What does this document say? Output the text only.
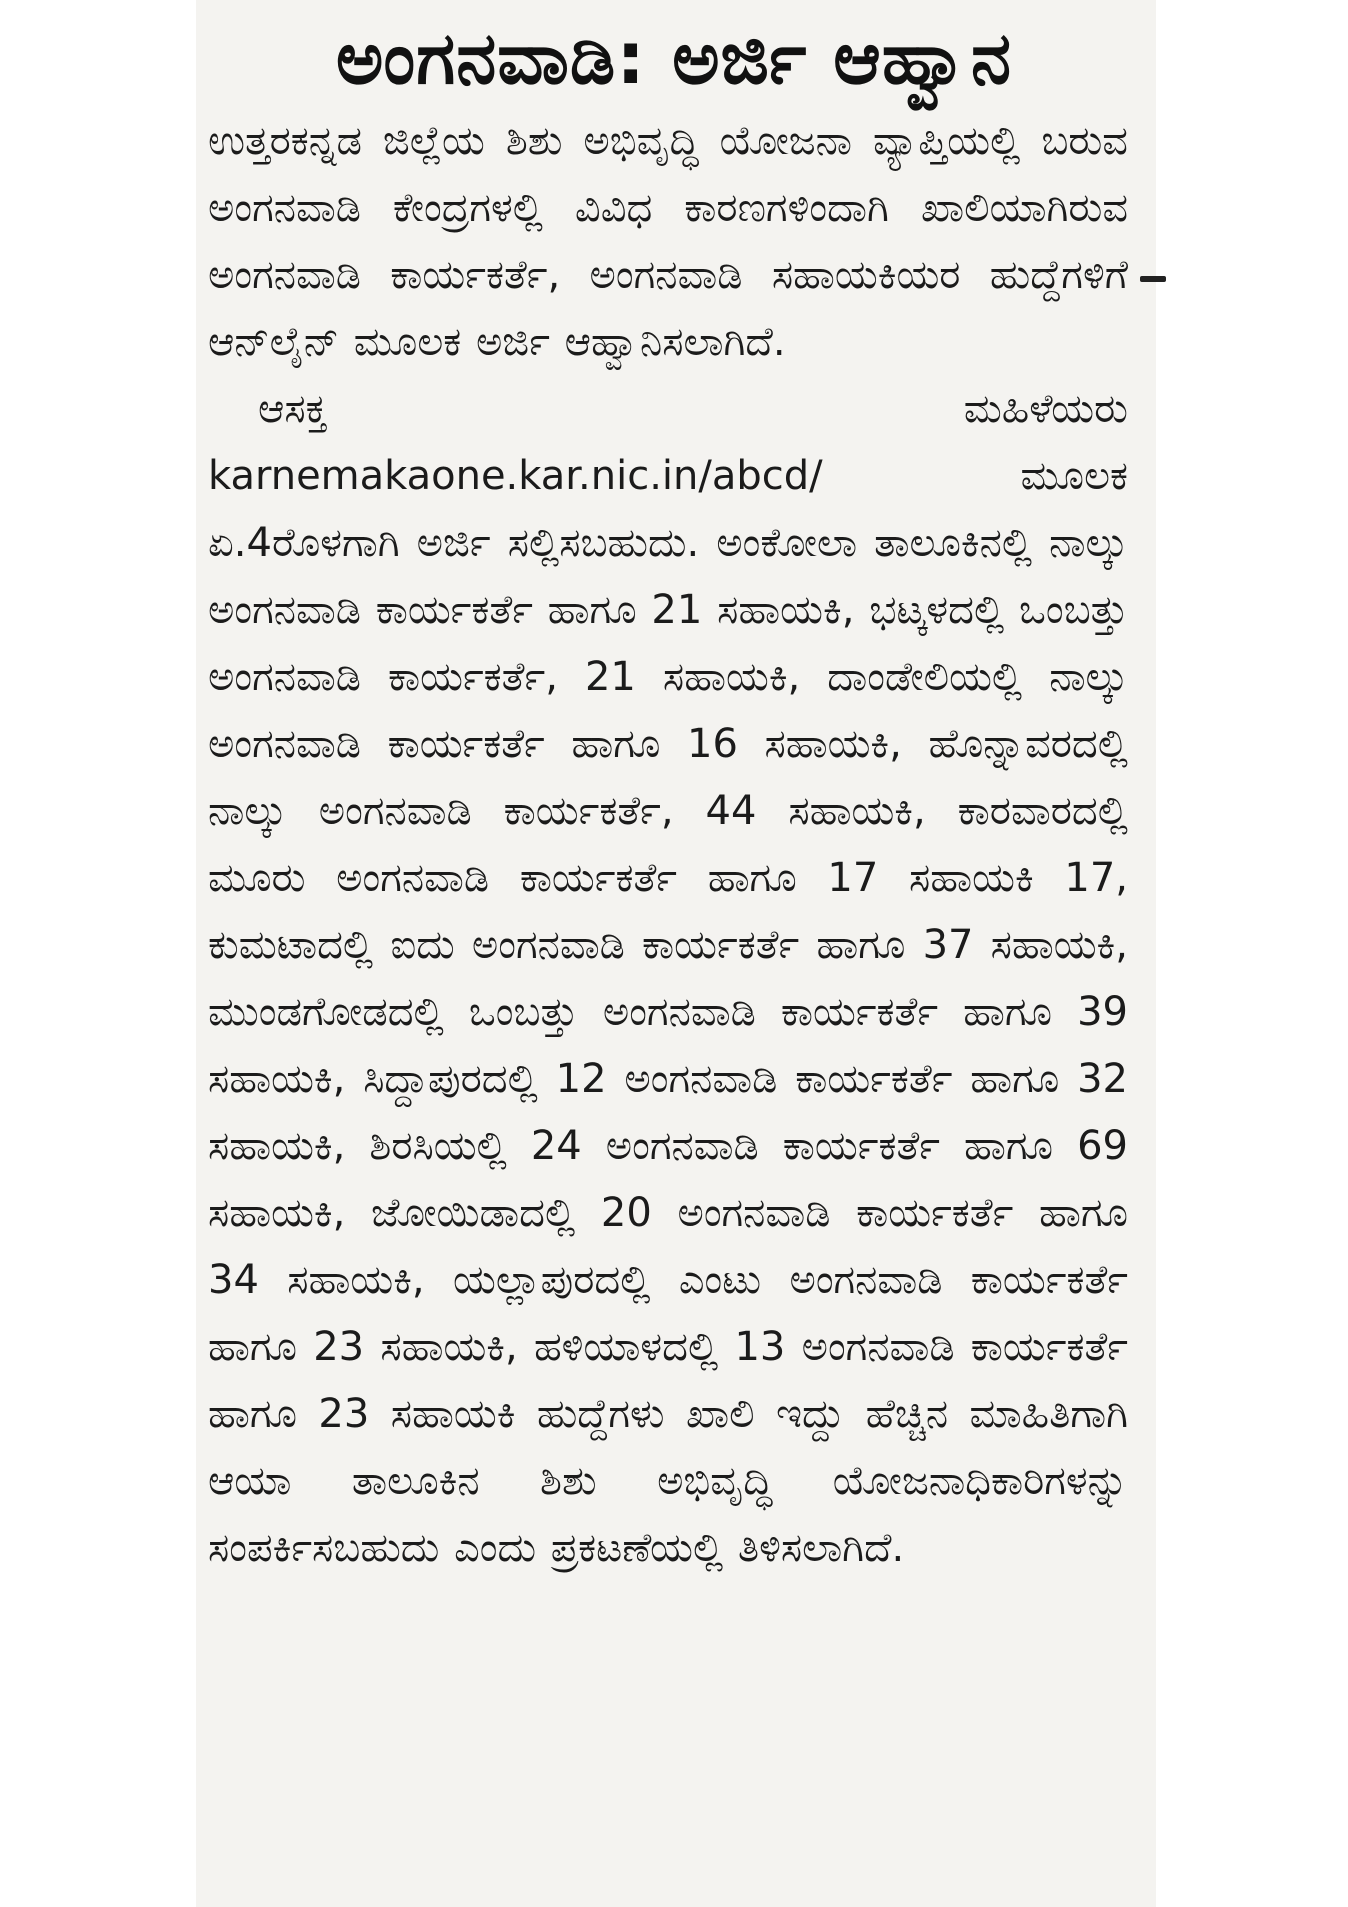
ಅಂಗನವಾಡಿ: ಅರ್ಜಿ ಆಹ್ವಾನ

ಉತ್ತರಕನ್ನಡ ಜಿಲ್ಲೆಯ ಶಿಶು ಅಭಿವೃದ್ಧಿ ಯೋಜನಾ ವ್ಯಾಪ್ತಿಯಲ್ಲಿ ಬರುವ ಅಂಗನವಾಡಿ ಕೇಂದ್ರಗಳಲ್ಲಿ ವಿವಿಧ ಕಾರಣಗಳಿಂದಾಗಿ ಖಾಲಿಯಾಗಿರುವ ಅಂಗನವಾಡಿ ಕಾರ್ಯಕರ್ತೆ, ಅಂಗನವಾಡಿ ಸಹಾಯಕಿಯರ ಹುದ್ದೆಗಳಿಗೆ ಆನ್‌ಲೈನ್ ಮೂಲಕ ಅರ್ಜಿ ಆಹ್ವಾನಿಸಲಾಗಿದೆ.

ಆಸಕ್ತ ಮಹಿಳೆಯರು karnemakaone.kar.nic.in/abcd/ ಮೂಲಕ ಏ.4ರೊಳಗಾಗಿ ಅರ್ಜಿ ಸಲ್ಲಿಸಬಹುದು. ಅಂಕೋಲಾ ತಾಲೂಕಿನಲ್ಲಿ ನಾಲ್ಕು ಅಂಗನವಾಡಿ ಕಾರ್ಯಕರ್ತೆ ಹಾಗೂ 21 ಸಹಾಯಕಿ, ಭಟ್ಕಳದಲ್ಲಿ ಒಂಬತ್ತು ಅಂಗನವಾಡಿ ಕಾರ್ಯಕರ್ತೆ, 21 ಸಹಾಯಕಿ, ದಾಂಡೇಲಿಯಲ್ಲಿ ನಾಲ್ಕು ಅಂಗನವಾಡಿ ಕಾರ್ಯಕರ್ತೆ ಹಾಗೂ 16 ಸಹಾಯಕಿ, ಹೊನ್ನಾವರದಲ್ಲಿ ನಾಲ್ಕು ಅಂಗನವಾಡಿ ಕಾರ್ಯಕರ್ತೆ, 44 ಸಹಾಯಕಿ, ಕಾರವಾರದಲ್ಲಿ ಮೂರು ಅಂಗನವಾಡಿ ಕಾರ್ಯಕರ್ತೆ ಹಾಗೂ 17 ಸಹಾಯಕಿ 17, ಕುಮಟಾದಲ್ಲಿ ಐದು ಅಂಗನವಾಡಿ ಕಾರ್ಯಕರ್ತೆ ಹಾಗೂ 37 ಸಹಾಯಕಿ, ಮುಂಡಗೋಡದಲ್ಲಿ ಒಂಬತ್ತು ಅಂಗನವಾಡಿ ಕಾರ್ಯಕರ್ತೆ ಹಾಗೂ 39 ಸಹಾಯಕಿ, ಸಿದ್ದಾಪುರದಲ್ಲಿ 12 ಅಂಗನವಾಡಿ ಕಾರ್ಯಕರ್ತೆ ಹಾಗೂ 32 ಸಹಾಯಕಿ, ಶಿರಸಿಯಲ್ಲಿ 24 ಅಂಗನವಾಡಿ ಕಾರ್ಯಕರ್ತೆ ಹಾಗೂ 69 ಸಹಾಯಕಿ, ಜೋಯಿಡಾದಲ್ಲಿ 20 ಅಂಗನವಾಡಿ ಕಾರ್ಯಕರ್ತೆ ಹಾಗೂ 34 ಸಹಾಯಕಿ, ಯಲ್ಲಾಪುರದಲ್ಲಿ ಎಂಟು ಅಂಗನವಾಡಿ ಕಾರ್ಯಕರ್ತೆ ಹಾಗೂ 23 ಸಹಾಯಕಿ, ಹಳಿಯಾಳದಲ್ಲಿ 13 ಅಂಗನವಾಡಿ ಕಾರ್ಯಕರ್ತೆ ಹಾಗೂ 23 ಸಹಾಯಕಿ ಹುದ್ದೆಗಳು ಖಾಲಿ ಇದ್ದು ಹೆಚ್ಚಿನ ಮಾಹಿತಿಗಾಗಿ ಆಯಾ ತಾಲೂಕಿನ ಶಿಶು ಅಭಿವೃದ್ಧಿ ಯೋಜನಾಧಿಕಾರಿಗಳನ್ನು ಸಂಪರ್ಕಿಸಬಹುದು ಎಂದು ಪ್ರಕಟಣೆಯಲ್ಲಿ ತಿಳಿಸಲಾಗಿದೆ.
